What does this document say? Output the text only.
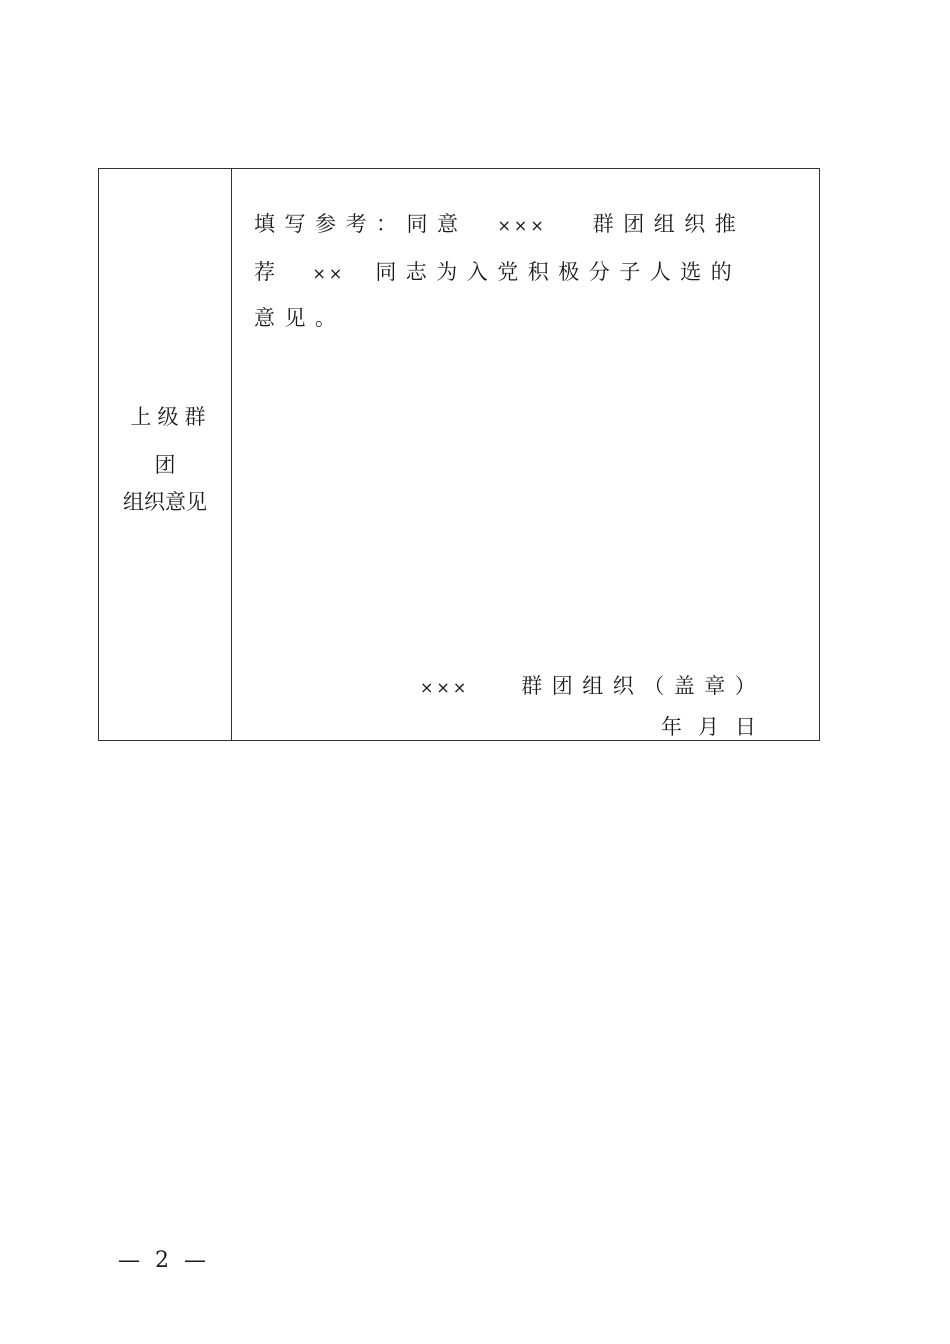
上级群
团
组织意见
填写参考：同意 ××× 群团组织推
荐 ×× 同志为入党积极分子人选的
意见。
××× 群团组织（盖章）
年月日
— 2 —
